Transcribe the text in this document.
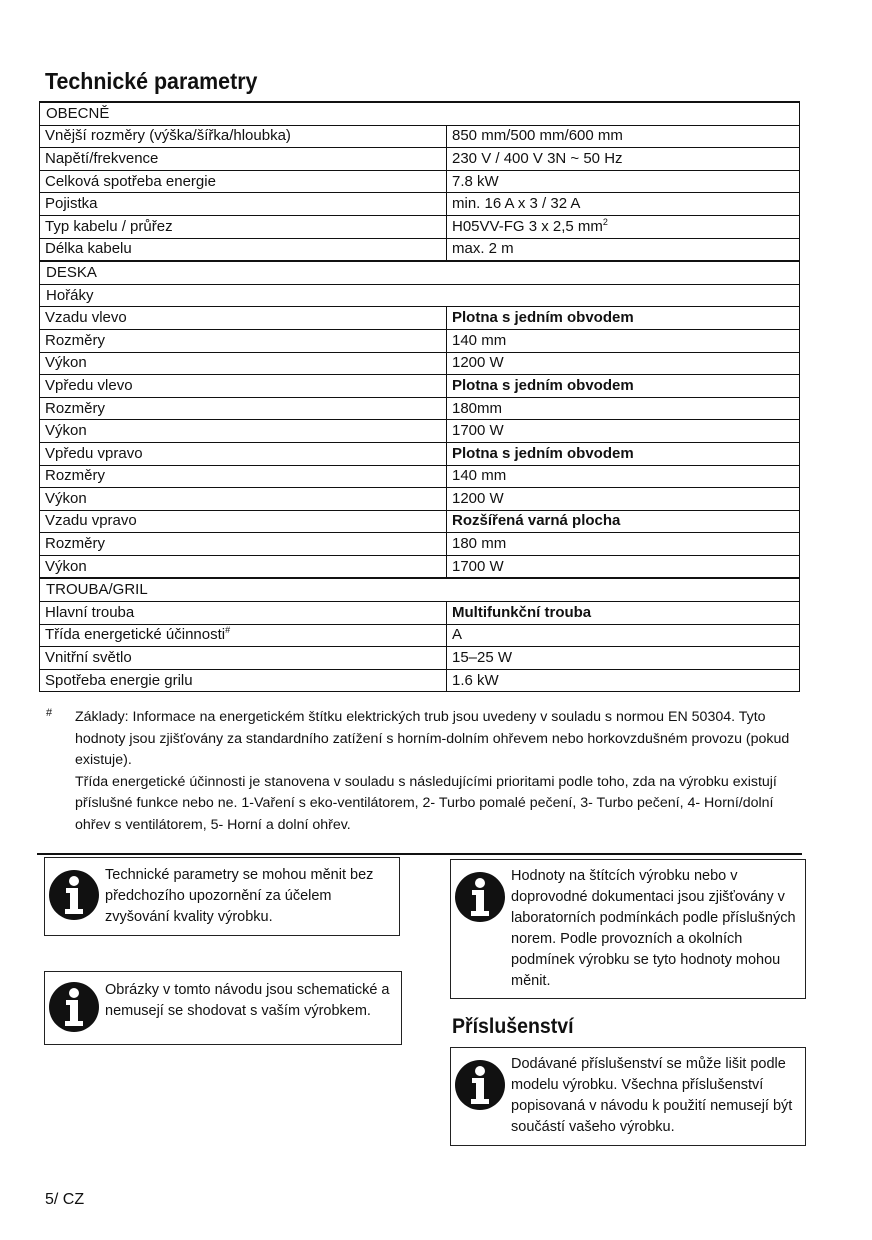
Technické parametry
OBECNĚ	
Vnější rozměry (výška/šířka/hloubka)	850 mm/500 mm/600 mm
Napětí/frekvence	230 V / 400 V 3N ~ 50 Hz
Celková spotřeba energie	7.8 kW
Pojistka	min. 16 A x 3 / 32 A
Typ kabelu / průřez	H05VV-FG 3 x 2,5 $mm^2$
Délka kabelu	max. 2 m
DESKA	
Hořáky	
Vzadu vlevo	Plotna s jedním obvodem
Rozměry	140 mm
Výkon	1200 W
Vpředu vlevo	Plotna s jedním obvodem
Rozměry	180mm
Výkon	1700 W
Vpředu vpravo	Plotna s jedním obvodem
Rozměry	140 mm
Výkon	1200 W
Vzadu vpravo	Rozšířená varná plocha
Rozměry	180 mm
Výkon	1700 W
TROUBA/GRIL	
Hlavní trouba	Multifunkční trouba
Třída energetické účinnosti#	A
Vnitřní světlo	15–25 W
Spotřeba energie grilu	1.6 kW
# Základy: Informace na energetickém štítku elektrických trub jsou uvedeny v souladu s normou EN 50304. Tyto hodnoty jsou zjišťovány za standardního zatížení s horním-dolním ohřevem nebo horkovzdušném provozu (pokud existuje).
Třída energetické účinnosti je stanovena v souladu s následujícími prioritami podle toho, zda na výrobku existují příslušné funkce nebo ne. 1-Vaření s eko-ventilátorem, 2- Turbo pomalé pečení, 3- Turbo pečení, 4- Horní/dolní ohřev s ventilátorem, 5- Horní a dolní ohřev.
Technické parametry se mohou měnit bez předchozího upozornění za účelem zvyšování kvality výrobku.
Obrázky v tomto návodu jsou schematické a nemusejí se shodovat s vaším výrobkem.
Hodnoty na štítcích výrobku nebo v doprovodné dokumentaci jsou zjišťovány v laboratorních podmínkách podle příslušných norem. Podle provozních a okolních podmínek výrobku se tyto hodnoty mohou měnit.
Příslušenství
Dodávané příslušenství se může lišit podle modelu výrobku. Všechna příslušenství popisovaná v návodu k použití nemusejí být součástí vašeho výrobku.
5/ CZ
